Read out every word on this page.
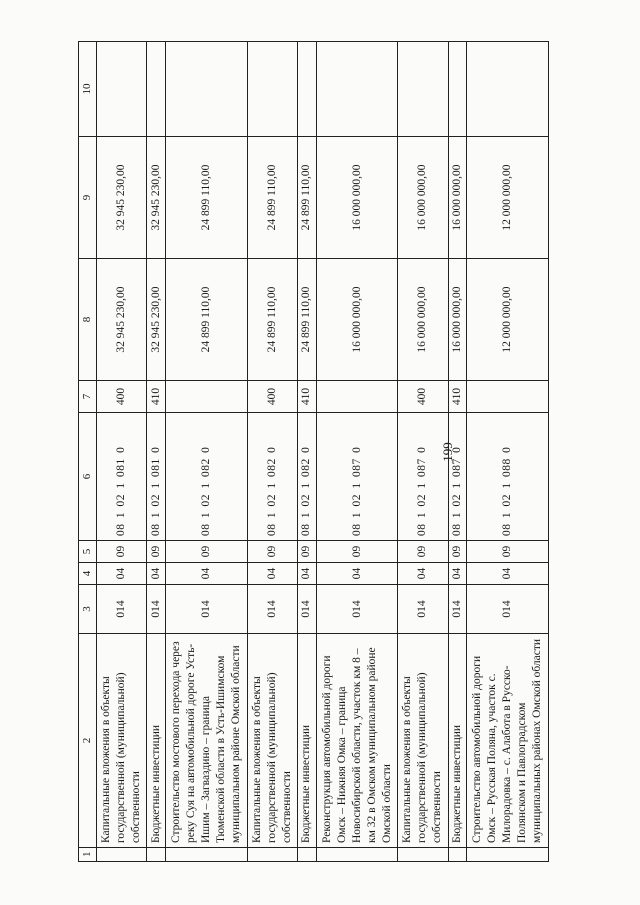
199
1	2	3	4	5	6	7	8	9	10
	Капитальные вложения в объекты государственной (муниципальной) собственности	014	04	09	08 1 02 1 081 0	400	32 945 230,00	32 945 230,00	
	Бюджетные инвестиции	014	04	09	08 1 02 1 081 0	410	32 945 230,00	32 945 230,00	
	Строительство мостового перехода через реку Суя на автомобильной дороге Усть-Ишим – Загваздино – граница Тюменской области в Усть-Ишимском муниципальном районе Омской области	014	04	09	08 1 02 1 082 0		24 899 110,00	24 899 110,00	
	Капитальные вложения в объекты государственной (муниципальной) собственности	014	04	09	08 1 02 1 082 0	400	24 899 110,00	24 899 110,00	
	Бюджетные инвестиции	014	04	09	08 1 02 1 082 0	410	24 899 110,00	24 899 110,00	
	Реконструкция автомобильной дороги Омск – Нижняя Омка – граница Новосибирской области, участок км 8 – км 32 в Омском муниципальном районе Омской области	014	04	09	08 1 02 1 087 0		16 000 000,00	16 000 000,00	
	Капитальные вложения в объекты государственной (муниципальной) собственности	014	04	09	08 1 02 1 087 0	400	16 000 000,00	16 000 000,00	
	Бюджетные инвестиции	014	04	09	08 1 02 1 087 0	410	16 000 000,00	16 000 000,00	
	Строительство автомобильной дороги Омск – Русская Поляна, участок с. Милорадовка – с. Алабота в Русско-Полянском и Павлоградском муниципальных районах Омской области	014	04	09	08 1 02 1 088 0		12 000 000,00	12 000 000,00	
